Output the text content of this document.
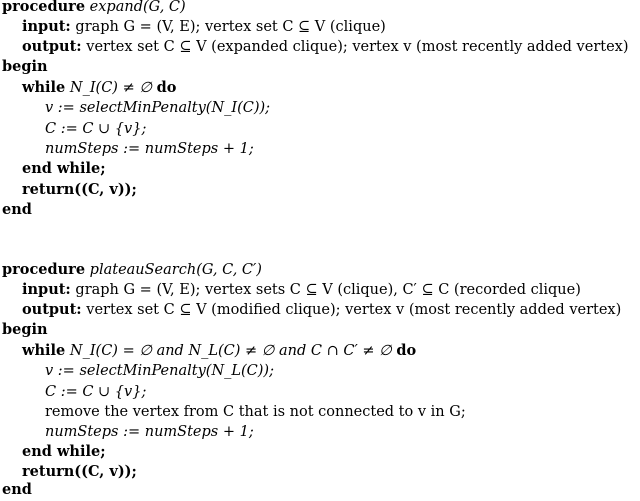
procedure expand(G, C)
input: graph G = (V, E); vertex set C ⊆ V (clique)
output: vertex set C ⊆ V (expanded clique); vertex v (most recently added vertex)
begin
while N_I(C) ≠ ∅ do
v := selectMinPenalty(N_I(C));
C := C ∪ {v};
numSteps := numSteps + 1;
end while;
return((C, v));
end
procedure plateauSearch(G, C, C′)
input: graph G = (V, E); vertex sets C ⊆ V (clique), C′ ⊆ C (recorded clique)
output: vertex set C ⊆ V (modified clique); vertex v (most recently added vertex)
begin
while N_I(C) = ∅ and N_L(C) ≠ ∅ and C ∩ C′ ≠ ∅ do
v := selectMinPenalty(N_L(C));
C := C ∪ {v};
remove the vertex from C that is not connected to v in G;
numSteps := numSteps + 1;
end while;
return((C, v));
end
